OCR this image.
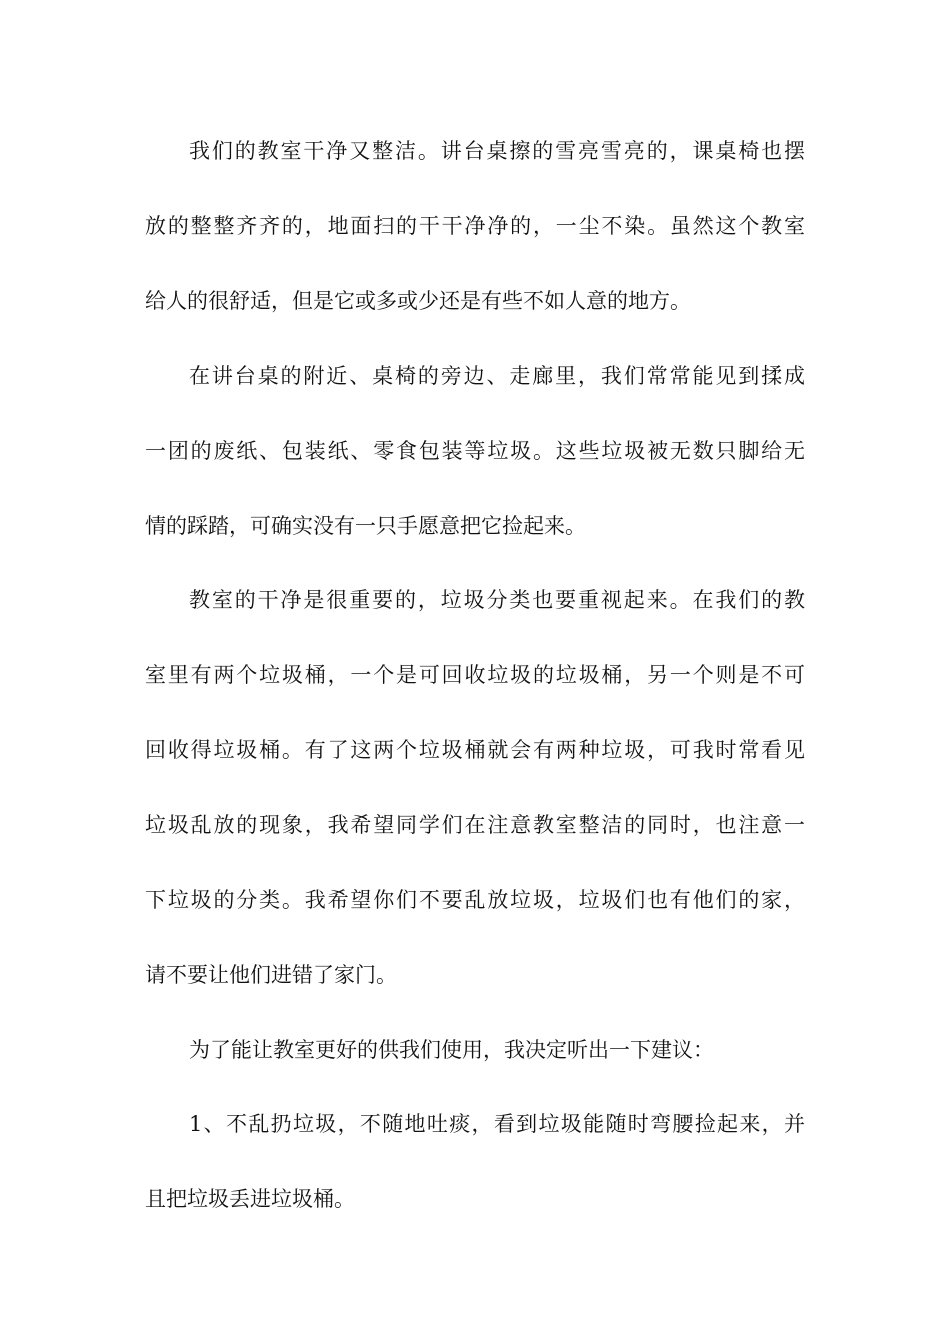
我们的教室干净又整洁。讲台桌擦的雪亮雪亮的，课桌椅也摆
放的整整齐齐的，地面扫的干干净净的，一尘不染。虽然这个教室
给人的很舒适，但是它或多或少还是有些不如人意的地方。
在讲台桌的附近、桌椅的旁边、走廊里，我们常常能见到揉成
一团的废纸、包装纸、零食包装等垃圾。这些垃圾被无数只脚给无
情的踩踏，可确实没有一只手愿意把它捡起来。
教室的干净是很重要的，垃圾分类也要重视起来。在我们的教
室里有两个垃圾桶，一个是可回收垃圾的垃圾桶，另一个则是不可
回收得垃圾桶。有了这两个垃圾桶就会有两种垃圾，可我时常看见
垃圾乱放的现象，我希望同学们在注意教室整洁的同时，也注意一
下垃圾的分类。我希望你们不要乱放垃圾，垃圾们也有他们的家，
请不要让他们进错了家门。
为了能让教室更好的供我们使用，我决定听出一下建议：
1、不乱扔垃圾，不随地吐痰，看到垃圾能随时弯腰捡起来，并
且把垃圾丢进垃圾桶。
